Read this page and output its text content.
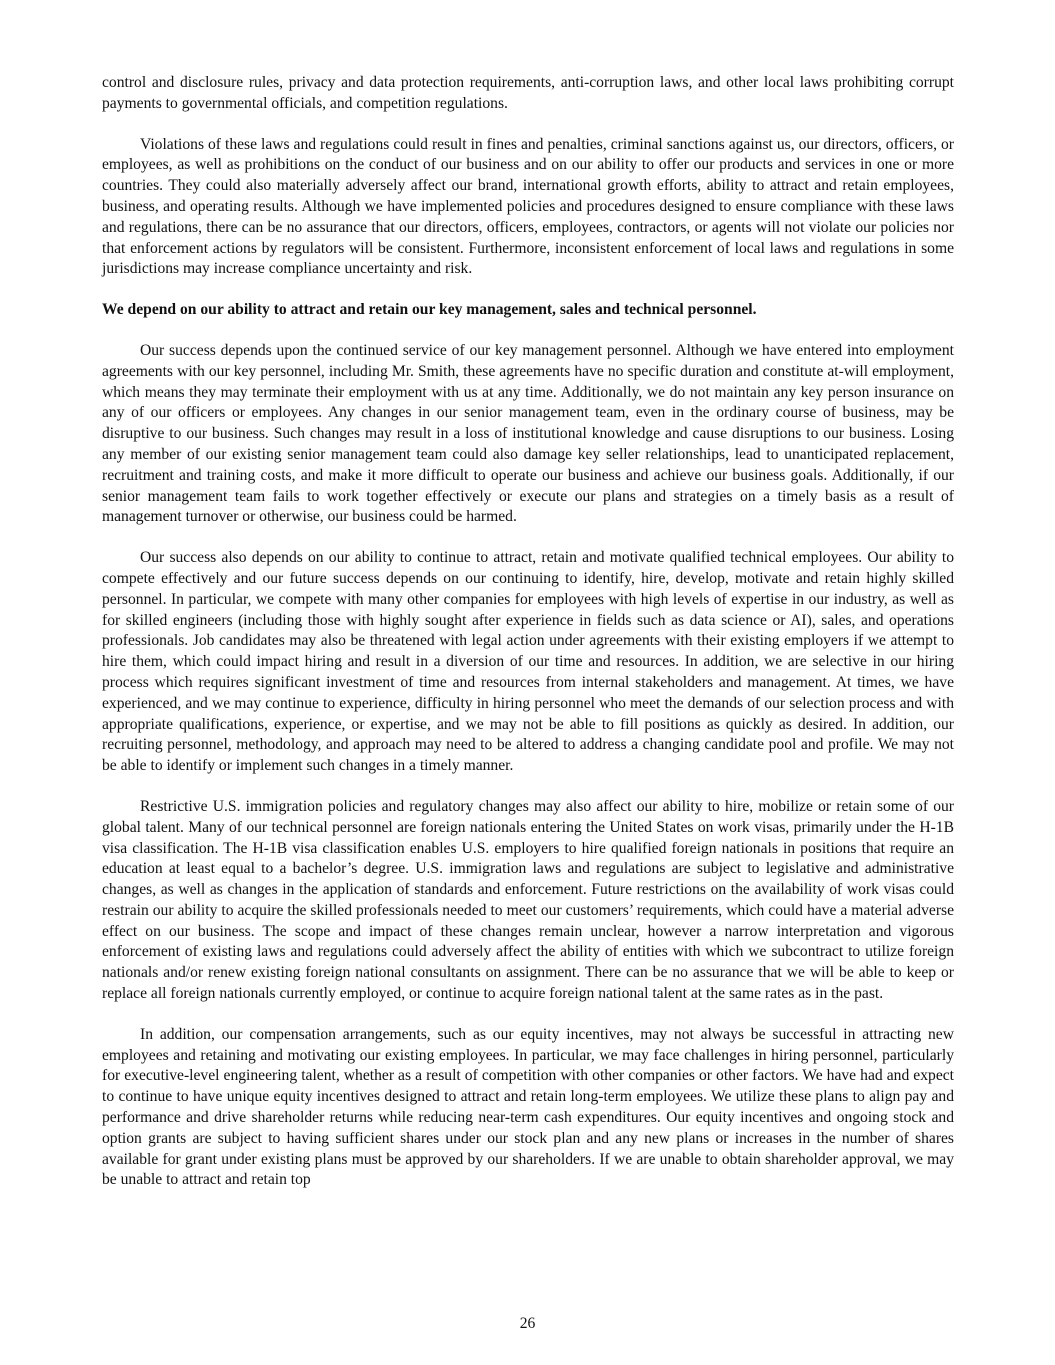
control and disclosure rules, privacy and data protection requirements, anti-corruption laws, and other local laws prohibiting corrupt payments to governmental officials, and competition regulations.

Violations of these laws and regulations could result in fines and penalties, criminal sanctions against us, our directors, officers, or employees, as well as prohibitions on the conduct of our business and on our ability to offer our products and services in one or more countries. They could also materially adversely affect our brand, international growth efforts, ability to attract and retain employees, business, and operating results. Although we have implemented policies and procedures designed to ensure compliance with these laws and regulations, there can be no assurance that our directors, officers, employees, contractors, or agents will not violate our policies nor that enforcement actions by regulators will be consistent. Furthermore, inconsistent enforcement of local laws and regulations in some jurisdictions may increase compliance uncertainty and risk.

We depend on our ability to attract and retain our key management, sales and technical personnel.

Our success depends upon the continued service of our key management personnel. Although we have entered into employment agreements with our key personnel, including Mr. Smith, these agreements have no specific duration and constitute at-will employment, which means they may terminate their employment with us at any time. Additionally, we do not maintain any key person insurance on any of our officers or employees. Any changes in our senior management team, even in the ordinary course of business, may be disruptive to our business. Such changes may result in a loss of institutional knowledge and cause disruptions to our business. Losing any member of our existing senior management team could also damage key seller relationships, lead to unanticipated replacement, recruitment and training costs, and make it more difficult to operate our business and achieve our business goals. Additionally, if our senior management team fails to work together effectively or execute our plans and strategies on a timely basis as a result of management turnover or otherwise, our business could be harmed.

Our success also depends on our ability to continue to attract, retain and motivate qualified technical employees. Our ability to compete effectively and our future success depends on our continuing to identify, hire, develop, motivate and retain highly skilled personnel. In particular, we compete with many other companies for employees with high levels of expertise in our industry, as well as for skilled engineers (including those with highly sought after experience in fields such as data science or AI), sales, and operations professionals. Job candidates may also be threatened with legal action under agreements with their existing employers if we attempt to hire them, which could impact hiring and result in a diversion of our time and resources. In addition, we are selective in our hiring process which requires significant investment of time and resources from internal stakeholders and management. At times, we have experienced, and we may continue to experience, difficulty in hiring personnel who meet the demands of our selection process and with appropriate qualifications, experience, or expertise, and we may not be able to fill positions as quickly as desired. In addition, our recruiting personnel, methodology, and approach may need to be altered to address a changing candidate pool and profile. We may not be able to identify or implement such changes in a timely manner.

Restrictive U.S. immigration policies and regulatory changes may also affect our ability to hire, mobilize or retain some of our global talent. Many of our technical personnel are foreign nationals entering the United States on work visas, primarily under the H-1B visa classification. The H-1B visa classification enables U.S. employers to hire qualified foreign nationals in positions that require an education at least equal to a bachelor’s degree. U.S. immigration laws and regulations are subject to legislative and administrative changes, as well as changes in the application of standards and enforcement. Future restrictions on the availability of work visas could restrain our ability to acquire the skilled professionals needed to meet our customers’ requirements, which could have a material adverse effect on our business. The scope and impact of these changes remain unclear, however a narrow interpretation and vigorous enforcement of existing laws and regulations could adversely affect the ability of entities with which we subcontract to utilize foreign nationals and/or renew existing foreign national consultants on assignment. There can be no assurance that we will be able to keep or replace all foreign nationals currently employed, or continue to acquire foreign national talent at the same rates as in the past.

In addition, our compensation arrangements, such as our equity incentives, may not always be successful in attracting new employees and retaining and motivating our existing employees. In particular, we may face challenges in hiring personnel, particularly for executive-level engineering talent, whether as a result of competition with other companies or other factors. We have had and expect to continue to have unique equity incentives designed to attract and retain long-term employees. We utilize these plans to align pay and performance and drive shareholder returns while reducing near-term cash expenditures. Our equity incentives and ongoing stock and option grants are subject to having sufficient shares under our stock plan and any new plans or increases in the number of shares available for grant under existing plans must be approved by our shareholders. If we are unable to obtain shareholder approval, we may be unable to attract and retain top

26
